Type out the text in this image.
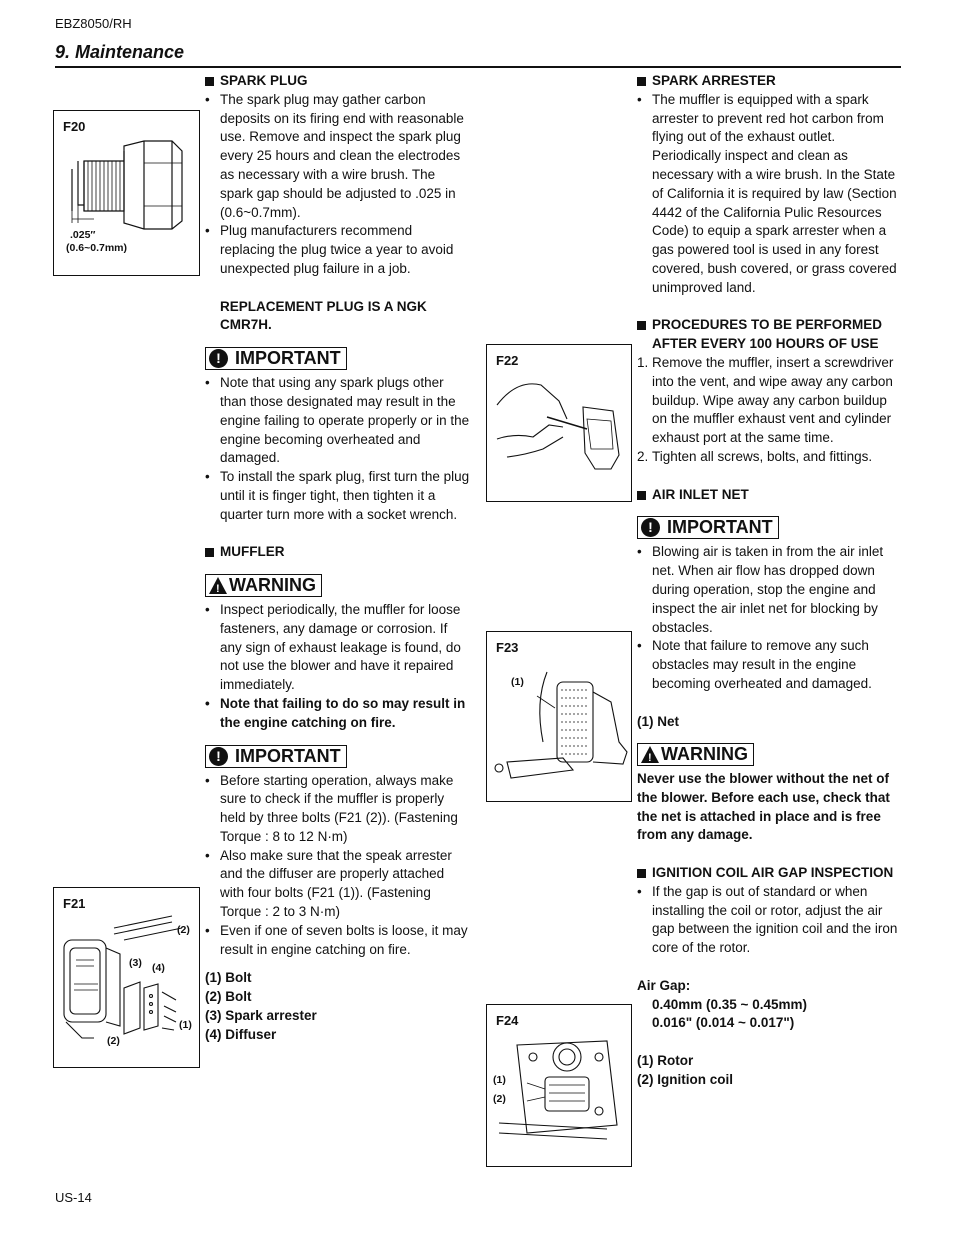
EBZ8050/RH
9. Maintenance
F20
.025″
(0.6~0.7mm)
F21
(2)
(3) (4)
(1)
(2)
F22
F23
(1)
F24
(1)
(2)
SPARK PLUG
• The spark plug may gather carbon deposits on its firing end with reasonable use. Remove and inspect the spark plug every 25 hours and clean the electrodes as necessary with a wire brush. The spark gap should be adjusted to .025 in (0.6~0.7mm).
• Plug manufacturers recommend replacing the plug twice a year to avoid unexpected plug failure in a job.
REPLACEMENT PLUG IS A NGK CMR7H.
! IMPORTANT
• Note that using any spark plugs other than those designated may result in the engine failing to operate properly or in the engine becoming overheated and damaged.
• To install the spark plug, first turn the plug until it is finger tight, then tighten it a quarter turn more with a socket wrench.
MUFFLER
! WARNING
• Inspect periodically, the muffler for loose fasteners, any damage or corrosion. If any sign of exhaust leakage is found, do not use the blower and have it repaired immediately.
• Note that failing to do so may result in the engine catching on fire.
! IMPORTANT
• Before starting operation, always make sure to check if the muffler is properly held by three bolts (F21 (2)). (Fastening Torque : 8 to 12 N·m)
• Also make sure that the speak arrester and the diffuser are properly attached with four bolts (F21 (1)). (Fastening Torque : 2 to 3 N·m)
• Even if one of seven bolts is loose, it may result in engine catching on fire.
(1) Bolt
(2) Bolt
(3) Spark arrester
(4) Diffuser
SPARK ARRESTER
• The muffler is equipped with a spark arrester to prevent red hot carbon from flying out of the exhaust outlet. Periodically inspect and clean as necessary with a wire brush. In the State of California it is required by law (Section 4442 of the California Pulic Resources Code) to equip a spark arrester when a gas powered tool is used in any forest covered, bush covered, or grass covered unimproved land.
PROCEDURES TO BE PERFORMED AFTER EVERY 100 HOURS OF USE
1. Remove the muffler, insert a screwdriver into the vent, and wipe away any carbon buildup. Wipe away any carbon buildup on the muffler exhaust vent and cylinder exhaust port at the same time.
2. Tighten all screws, bolts, and fittings.
AIR INLET NET
! IMPORTANT
• Blowing air is taken in from the air inlet net. When air flow has dropped down during operation, stop the engine and inspect the air inlet net for blocking by obstacles.
• Note that failure to remove any such obstacles may result in the engine becoming overheated and damaged.
(1) Net
! WARNING
Never use the blower without the net of the blower. Before each use, check that the net is attached in place and is free from any damage.
IGNITION COIL AIR GAP INSPECTION
• If the gap is out of standard or when installing the coil or rotor, adjust the air gap between the ignition coil and the iron core of the rotor.
Air Gap:
0.40mm (0.35 ~ 0.45mm)
0.016" (0.014 ~ 0.017")
(1) Rotor
(2) Ignition coil
US-14
